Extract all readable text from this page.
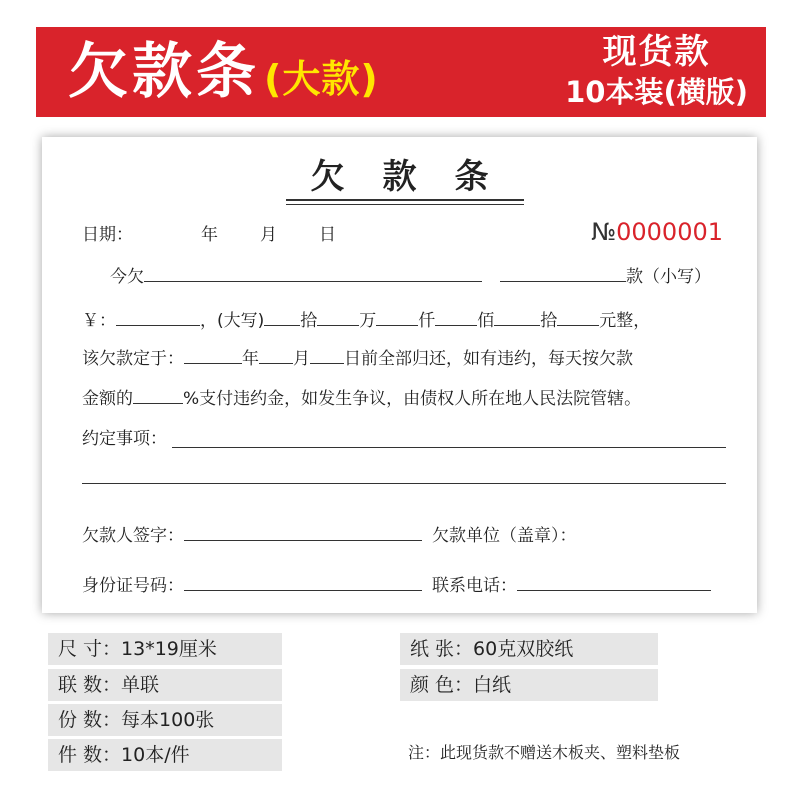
欠款条 (大款)
现货款
10本装(横版)
欠款条
日期：	年 月 日	№0000001
今欠	款（小写）
￥：	，(大写) 拾 万 仟 佰	拾 元整，
该欠款定于：	年 月 日前全部归还，如有违约，每天按欠款
金额的	%支付违约金，如发生争议，由债权人所在地人民法院管辖。
约定事项：
欠款人签字：	欠款单位（盖章）：
身份证号码：	联系电话：
尺 寸：13*19厘米	纸 张：60克双胶纸
联 数：单联	颜 色：白纸
份 数：每本100张
件 数：10本/件	注：此现货款不赠送木板夹、塑料垫板
